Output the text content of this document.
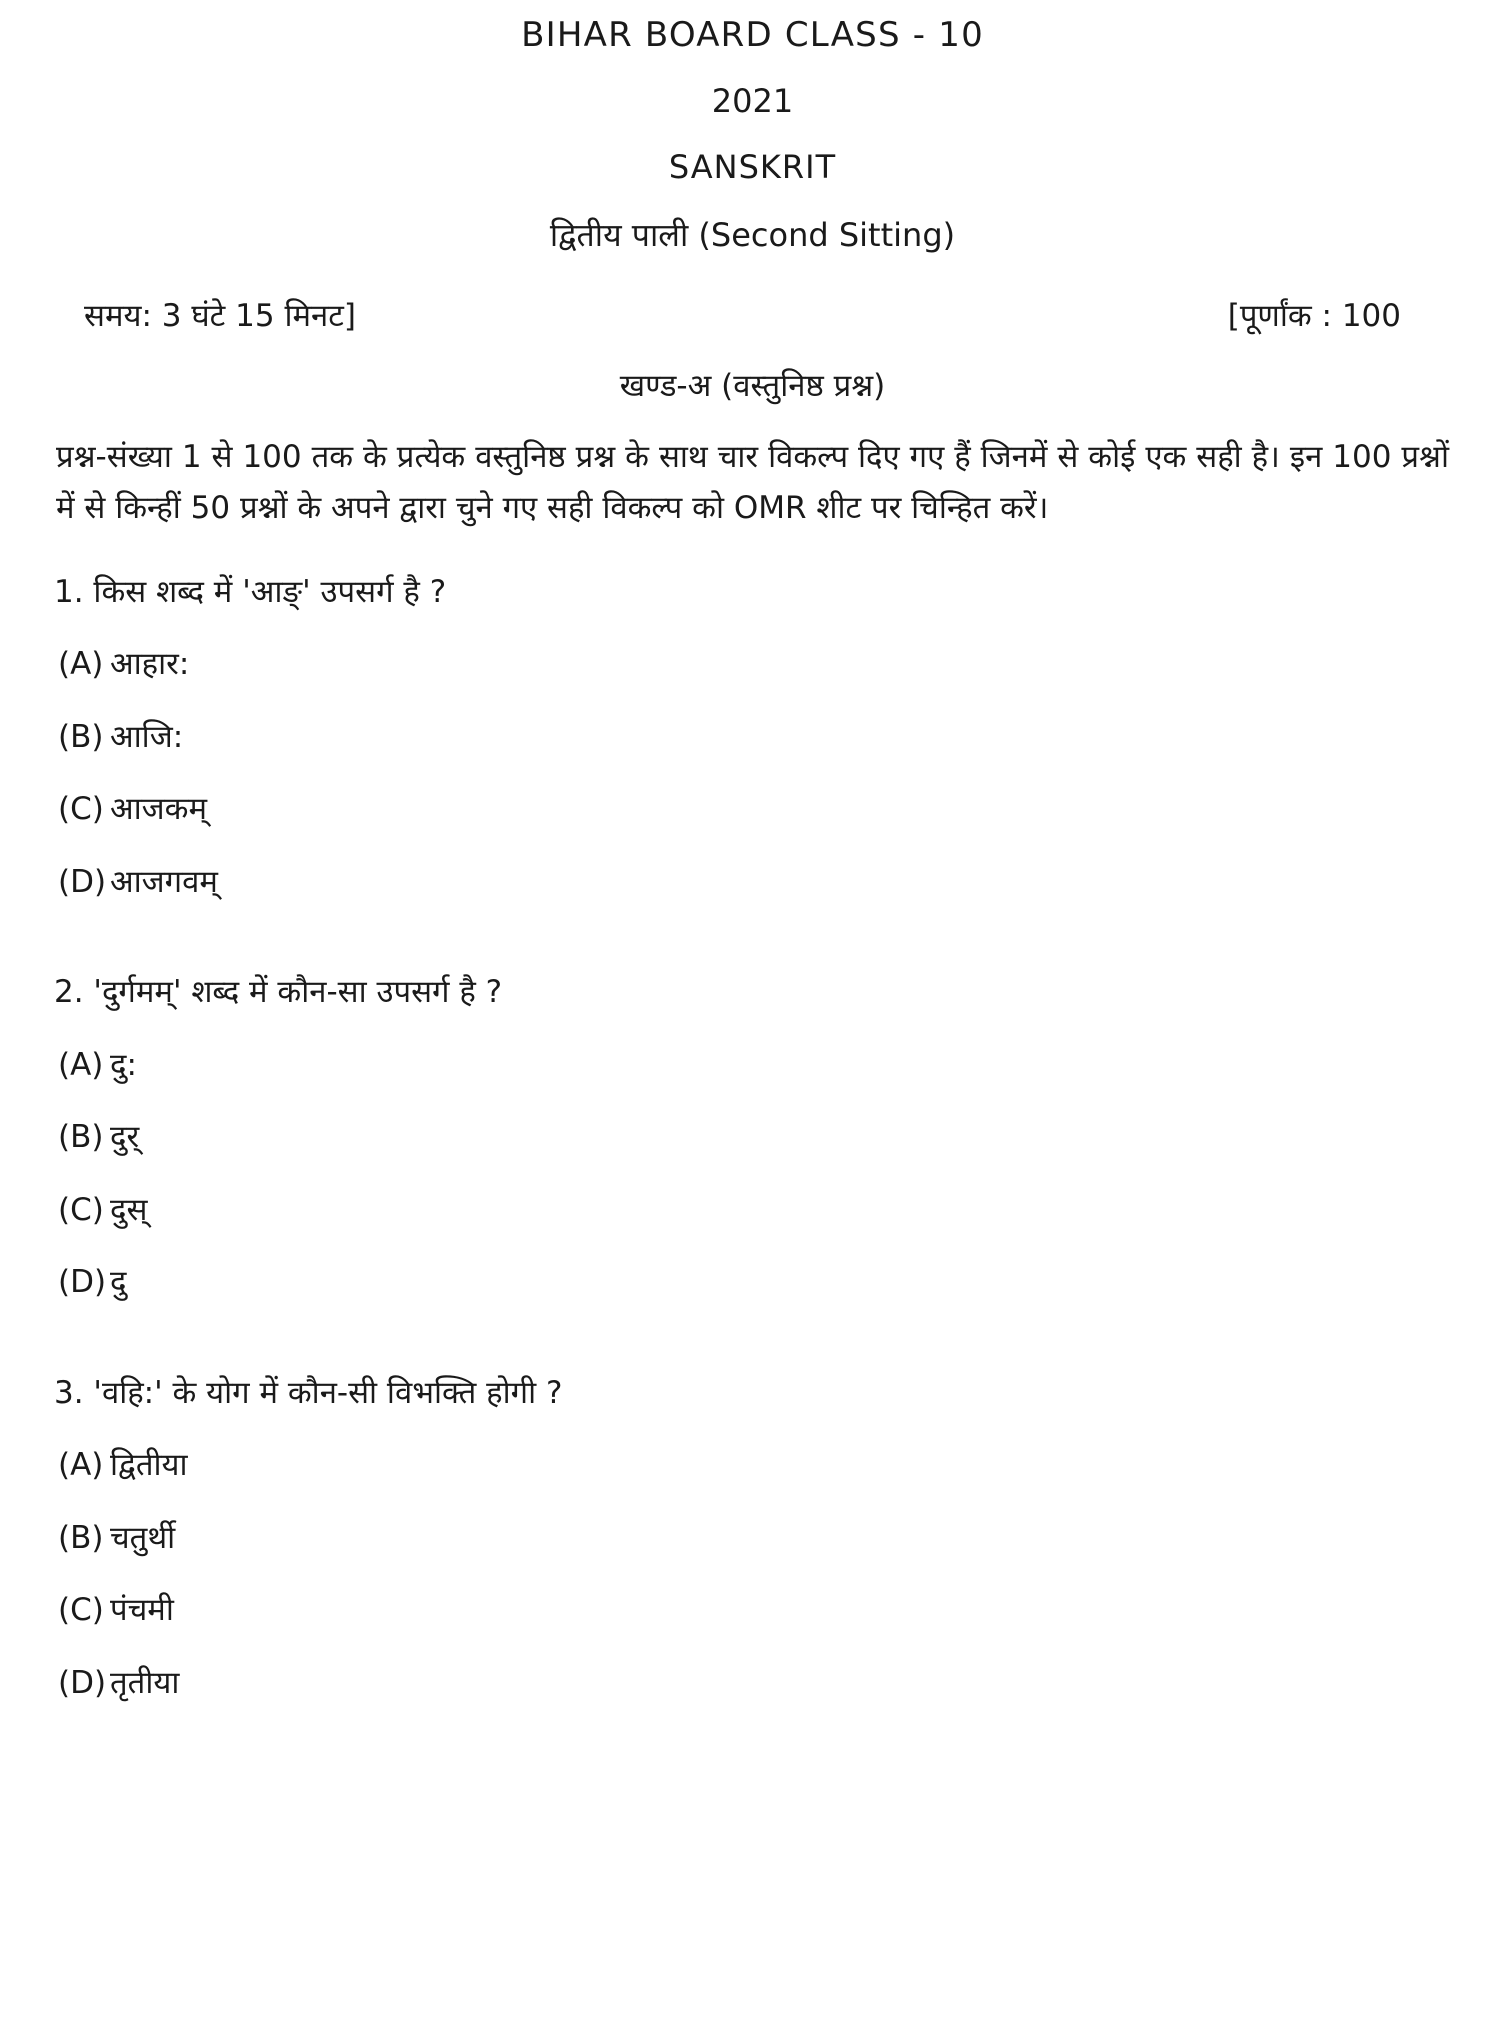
BIHAR BOARD CLASS - 10
2021
SANSKRIT
द्वितीय पाली (Second Sitting)
समय: 3 घंटे 15 मिनट]	[पूर्णांक : 100
खण्ड-अ (वस्तुनिष्ठ प्रश्न)
प्रश्न-संख्या 1 से 100 तक के प्रत्येक वस्तुनिष्ठ प्रश्न के साथ चार विकल्प दिए गए हैं जिनमें से कोई एक सही है। इन 100 प्रश्नों में से किन्हीं 50 प्रश्नों के अपने द्वारा चुने गए सही विकल्प को OMR शीट पर चिन्हित करें।
1. किस शब्द में 'आङ्' उपसर्ग है ?
(A) आहार:
(B) आजि:
(C) आजकम्
(D) आजगवम्
2. 'दुर्गमम्' शब्द में कौन-सा उपसर्ग है ?
(A) दु:
(B) दुर्
(C) दुस्
(D) दु
3. 'वहि:' के योग में कौन-सी विभक्ति होगी ?
(A) द्वितीया
(B) चतुर्थी
(C) पंचमी
(D) तृतीया
